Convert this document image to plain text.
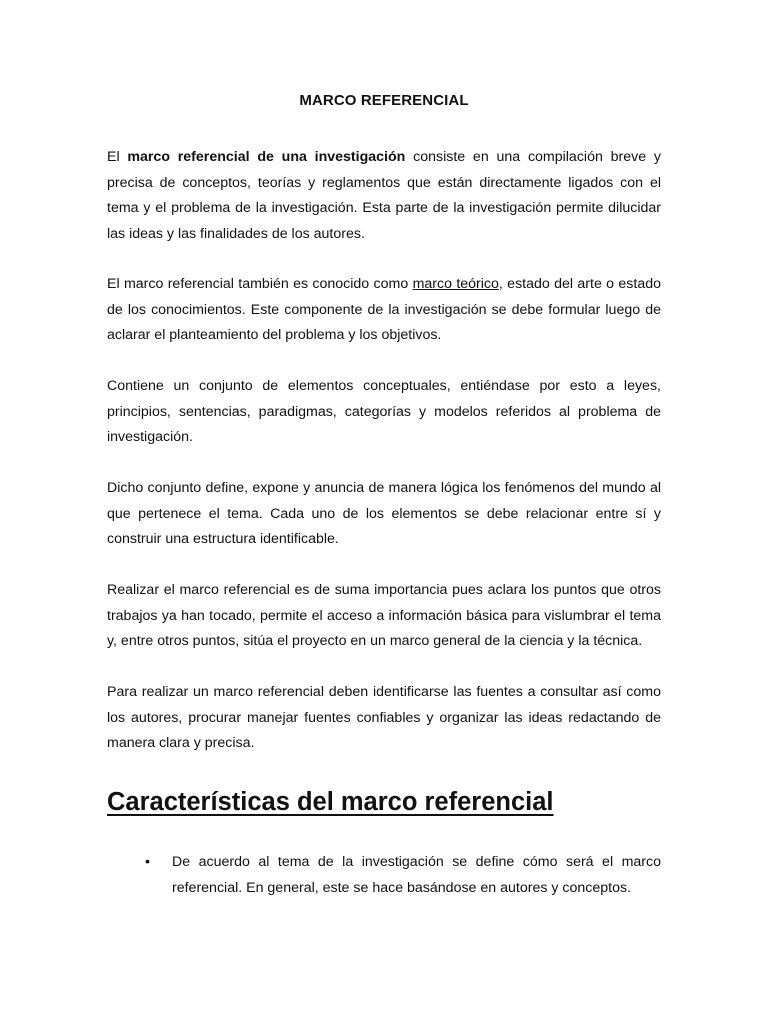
MARCO REFERENCIAL

El marco referencial de una investigación consiste en una compilación breve y precisa de conceptos, teorías y reglamentos que están directamente ligados con el tema y el problema de la investigación. Esta parte de la investigación permite dilucidar las ideas y las finalidades de los autores.

El marco referencial también es conocido como marco teórico, estado del arte o estado de los conocimientos. Este componente de la investigación se debe formular luego de aclarar el planteamiento del problema y los objetivos.

Contiene un conjunto de elementos conceptuales, entiéndase por esto a leyes, principios, sentencias, paradigmas, categorías y modelos referidos al problema de investigación.

Dicho conjunto define, expone y anuncia de manera lógica los fenómenos del mundo al que pertenece el tema. Cada uno de los elementos se debe relacionar entre sí y construir una estructura identificable.

Realizar el marco referencial es de suma importancia pues aclara los puntos que otros trabajos ya han tocado, permite el acceso a información básica para vislumbrar el tema y, entre otros puntos, sitúa el proyecto en un marco general de la ciencia y la técnica.

Para realizar un marco referencial deben identificarse las fuentes a consultar así como los autores, procurar manejar fuentes confiables y organizar las ideas redactando de manera clara y precisa.

Características del marco referencial
• De acuerdo al tema de la investigación se define cómo será el marco referencial. En general, este se hace basándose en autores y conceptos.
